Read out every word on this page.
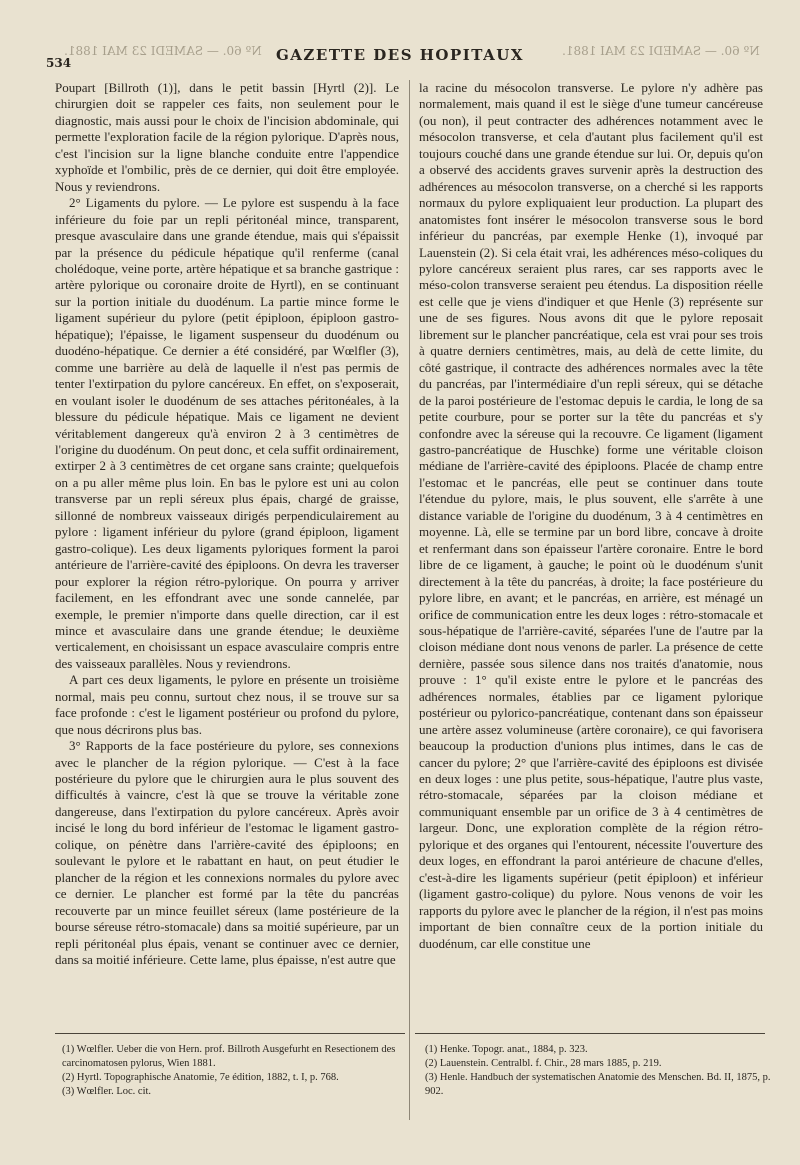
Nº 60. — SAMEDI 23 MAI 1881.	Nº 60. — SAMEDI 23 MAI 1881.
534	GAZETTE DES HOPITAUX

Poupart [Billroth (1)], dans le petit bassin [Hyrtl (2)]. Le chirurgien doit se rappeler ces faits, non seulement pour le diagnostic, mais aussi pour le choix de l'incision abdominale, qui permette l'exploration facile de la région pylorique. D'après nous, c'est l'incision sur la ligne blanche conduite entre l'appendice xyphoïde et l'ombilic, près de ce dernier, qui doit être employée. Nous y reviendrons.

2° Ligaments du pylore. — Le pylore est suspendu à la face inférieure du foie par un repli péritonéal mince, transparent, presque avasculaire dans une grande étendue, mais qui s'épaissit par la présence du pédicule hépatique qu'il renferme (canal cholédoque, veine porte, artère hépatique et sa branche gastrique : artère pylorique ou coronaire droite de Hyrtl), en se continuant sur la portion initiale du duodénum. La partie mince forme le ligament supérieur du pylore (petit épiploon, épiploon gastro-hépatique); l'épaisse, le ligament suspenseur du duodénum ou duodéno-hépatique. Ce dernier a été considéré, par Wœlfler (3), comme une barrière au delà de laquelle il n'est pas permis de tenter l'extirpation du pylore cancéreux. En effet, on s'exposerait, en voulant isoler le duodénum de ses attaches péritonéales, à la blessure du pédicule hépatique. Mais ce ligament ne devient véritablement dangereux qu'à environ 2 à 3 centimètres de l'origine du duodénum. On peut donc, et cela suffit ordinairement, extirper 2 à 3 centimètres de cet organe sans crainte; quelquefois on a pu aller même plus loin. En bas le pylore est uni au colon transverse par un repli séreux plus épais, chargé de graisse, sillonné de nombreux vaisseaux dirigés perpendiculairement au pylore : ligament inférieur du pylore (grand épiploon, ligament gastro-colique). Les deux ligaments pyloriques forment la paroi antérieure de l'arrière-cavité des épiploons. On devra les traverser pour explorer la région rétro-pylorique. On pourra y arriver facilement, en les effondrant avec une sonde cannelée, par exemple, le premier n'importe dans quelle direction, car il est mince et avasculaire dans une grande étendue; le deuxième verticalement, en choisissant un espace avasculaire compris entre des vaisseaux parallèles. Nous y reviendrons.

A part ces deux ligaments, le pylore en présente un troisième normal, mais peu connu, surtout chez nous, il se trouve sur sa face profonde : c'est le ligament postérieur ou profond du pylore, que nous décrirons plus bas.

3° Rapports de la face postérieure du pylore, ses connexions avec le plancher de la région pylorique. — C'est à la face postérieure du pylore que le chirurgien aura le plus souvent des difficultés à vaincre, c'est là que se trouve la véritable zone dangereuse, dans l'extirpation du pylore cancéreux. Après avoir incisé le long du bord inférieur de l'estomac le ligament gastro-colique, on pénètre dans l'arrière-cavité des épiploons; en soulevant le pylore et le rabattant en haut, on peut étudier le plancher de la région et les connexions normales du pylore avec ce dernier. Le plancher est formé par la tête du pancréas recouverte par un mince feuillet séreux (lame postérieure de la bourse séreuse rétro-stomacale) dans sa moitié supérieure, par un repli péritonéal plus épais, venant se continuer avec ce dernier, dans sa moitié inférieure. Cette lame, plus épaisse, n'est autre que

la racine du mésocolon transverse. Le pylore n'y adhère pas normalement, mais quand il est le siège d'une tumeur cancéreuse (ou non), il peut contracter des adhérences notamment avec le mésocolon transverse, et cela d'autant plus facilement qu'il est toujours couché dans une grande étendue sur lui. Or, depuis qu'on a observé des accidents graves survenir après la destruction des adhérences au mésocolon transverse, on a cherché si les rapports normaux du pylore expliquaient leur production. La plupart des anatomistes font insérer le mésocolon transverse sous le bord inférieur du pancréas, par exemple Henke (1), invoqué par Lauenstein (2). Si cela était vrai, les adhérences méso-coliques du pylore cancéreux seraient plus rares, car ses rapports avec le méso-colon transverse seraient peu étendus. La disposition réelle est celle que je viens d'indiquer et que Henle (3) représente sur une de ses figures. Nous avons dit que le pylore reposait librement sur le plancher pancréatique, cela est vrai pour ses trois à quatre derniers centimètres, mais, au delà de cette limite, du côté gastrique, il contracte des adhérences normales avec la tête du pancréas, par l'intermédiaire d'un repli séreux, qui se détache de la paroi postérieure de l'estomac depuis le cardia, le long de sa petite courbure, pour se porter sur la tête du pancréas et s'y confondre avec la séreuse qui la recouvre. Ce ligament (ligament gastro-pancréatique de Huschke) forme une véritable cloison médiane de l'arrière-cavité des épiploons. Placée de champ entre l'estomac et le pancréas, elle peut se continuer dans toute l'étendue du pylore, mais, le plus souvent, elle s'arrête à une distance variable de l'origine du duodénum, 3 à 4 centimètres en moyenne. Là, elle se termine par un bord libre, concave à droite et renfermant dans son épaisseur l'artère coronaire. Entre le bord libre de ce ligament, à gauche; le point où le duodénum s'unit directement à la tête du pancréas, à droite; la face postérieure du pylore libre, en avant; et le pancréas, en arrière, est ménagé un orifice de communication entre les deux loges : rétro-stomacale et sous-hépatique de l'arrière-cavité, séparées l'une de l'autre par la cloison médiane dont nous venons de parler. La présence de cette dernière, passée sous silence dans nos traités d'anatomie, nous prouve : 1° qu'il existe entre le pylore et le pancréas des adhérences normales, établies par ce ligament pylorique postérieur ou pylorico-pancréatique, contenant dans son épaisseur une artère assez volumineuse (artère coronaire), ce qui favorisera beaucoup la production d'unions plus intimes, dans le cas de cancer du pylore; 2° que l'arrière-cavité des épiploons est divisée en deux loges : une plus petite, sous-hépatique, l'autre plus vaste, rétro-stomacale, séparées par la cloison médiane et communiquant ensemble par un orifice de 3 à 4 centimètres de largeur. Donc, une exploration complète de la région rétro-pylorique et des organes qui l'entourent, nécessite l'ouverture des deux loges, en effondrant la paroi antérieure de chacune d'elles, c'est-à-dire les ligaments supérieur (petit épiploon) et inférieur (ligament gastro-colique) du pylore. Nous venons de voir les rapports du pylore avec le plancher de la région, il n'est pas moins important de bien connaître ceux de la portion initiale du duodénum, car elle constitue une

(1) Wœlfler. Ueber die von Hern. prof. Billroth Ausgefurht en Resectionem des carcinomatosen pylorus, Wien 1881.

(2) Hyrtl. Topographische Anatomie, 7e édition, 1882, t. I, p. 768.

(3) Wœlfler. Loc. cit.

(1) Henke. Topogr. anat., 1884, p. 323.

(2) Lauenstein. Centralbl. f. Chir., 28 mars 1885, p. 219.

(3) Henle. Handbuch der systematischen Anatomie des Menschen. Bd. II, 1875, p. 902.
